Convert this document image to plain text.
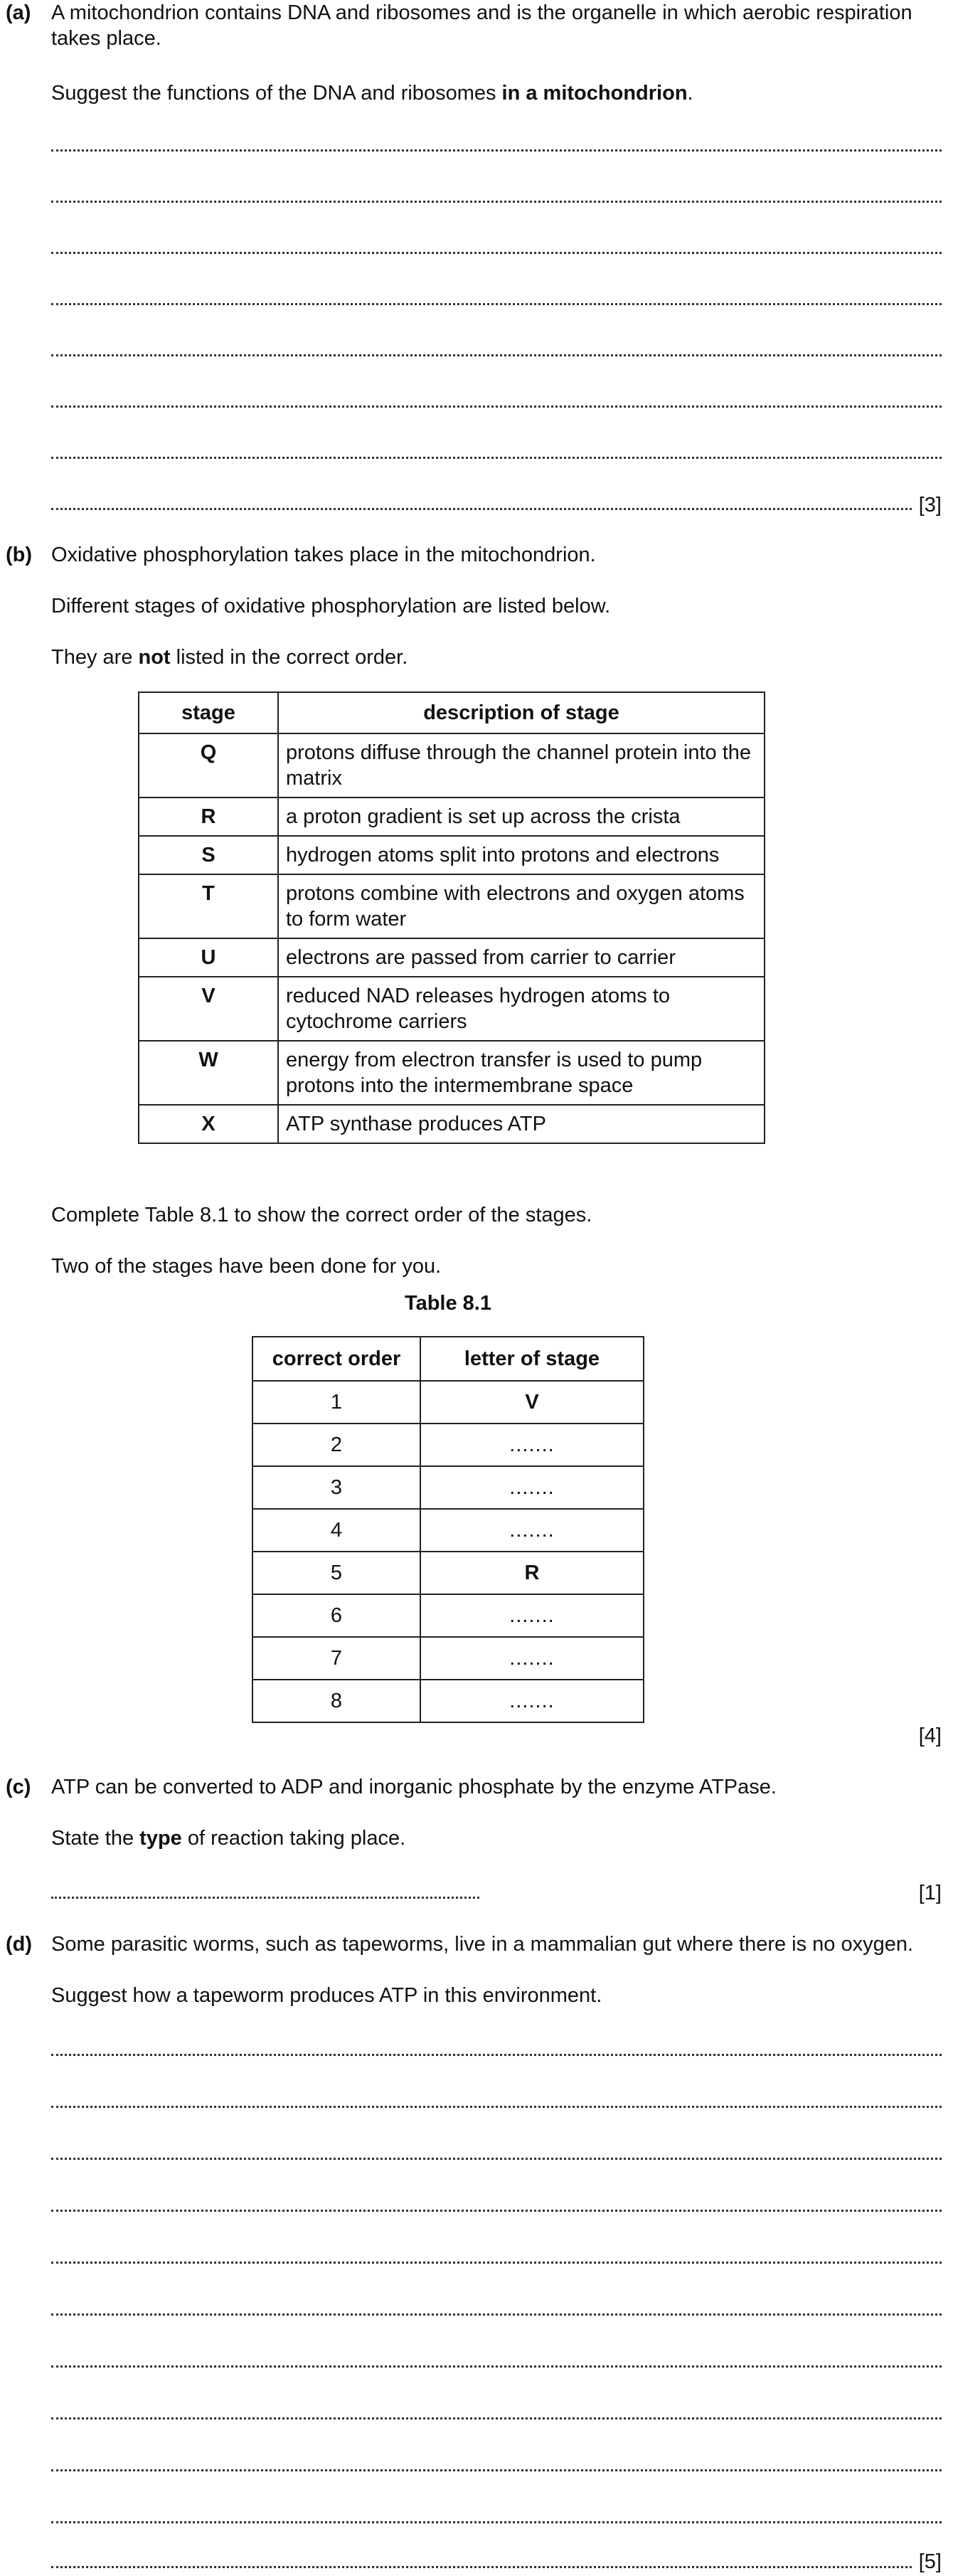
(a) A mitochondrion contains DNA and ribosomes and is the organelle in which aerobic respiration
takes place.
Suggest the functions of the DNA and ribosomes in a mitochondrion.
[3]
(b) Oxidative phosphorylation takes place in the mitochondrion.
Different stages of oxidative phosphorylation are listed below.
They are not listed in the correct order.
stage	description of stage
Q	protons diffuse through the channel protein into the matrix
R	a proton gradient is set up across the crista
S	hydrogen atoms split into protons and electrons
T	protons combine with electrons and oxygen atoms to form water
U	electrons are passed from carrier to carrier
V	reduced NAD releases hydrogen atoms to cytochrome carriers
W	energy from electron transfer is used to pump protons into the intermembrane space
X	ATP synthase produces ATP
Complete Table 8.1 to show the correct order of the stages.
Two of the stages have been done for you.
Table 8.1
correct order	letter of stage
1	V
2	.......
3	.......
4	.......
5	R
6	.......
7	.......
8	.......
[4]
(c) ATP can be converted to ADP and inorganic phosphate by the enzyme ATPase.
State the type of reaction taking place.
[1]
(d) Some parasitic worms, such as tapeworms, live in a mammalian gut where there is no oxygen.
Suggest how a tapeworm produces ATP in this environment.
[5]
